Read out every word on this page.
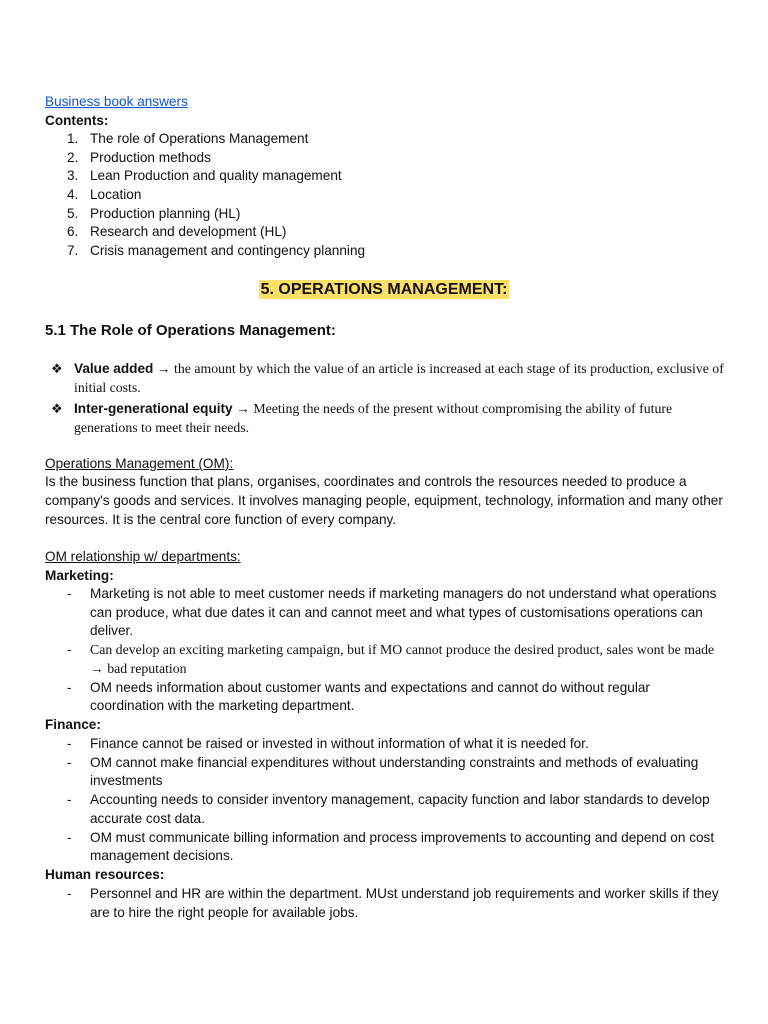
Business book answers
Contents:
1. The role of Operations Management
2. Production methods
3. Lean Production and quality management
4. Location
5. Production planning (HL)
6. Research and development (HL)
7. Crisis management and contingency planning
5. OPERATIONS MANAGEMENT:
5.1 The Role of Operations Management:
❖ Value added → the amount by which the value of an article is increased at each stage of its production, exclusive of initial costs.
❖ Inter-generational equity → Meeting the needs of the present without compromising the ability of future generations to meet their needs.
Operations Management (OM):
Is the business function that plans, organises, coordinates and controls the resources needed to produce a company's goods and services. It involves managing people, equipment, technology, information and many other resources. It is the central core function of every company.
OM relationship w/ departments:
Marketing:
- Marketing is not able to meet customer needs if marketing managers do not understand what operations can produce, what due dates it can and cannot meet and what types of customisations operations can deliver.
- Can develop an exciting marketing campaign, but if MO cannot produce the desired product, sales wont be made → bad reputation
- OM needs information about customer wants and expectations and cannot do without regular coordination with the marketing department.
Finance:
- Finance cannot be raised or invested in without information of what it is needed for.
- OM cannot make financial expenditures without understanding constraints and methods of evaluating investments
- Accounting needs to consider inventory management, capacity function and labor standards to develop accurate cost data.
- OM must communicate billing information and process improvements to accounting and depend on cost management decisions.
Human resources:
- Personnel and HR are within the department. MUst understand job requirements and worker skills if they are to hire the right people for available jobs.
